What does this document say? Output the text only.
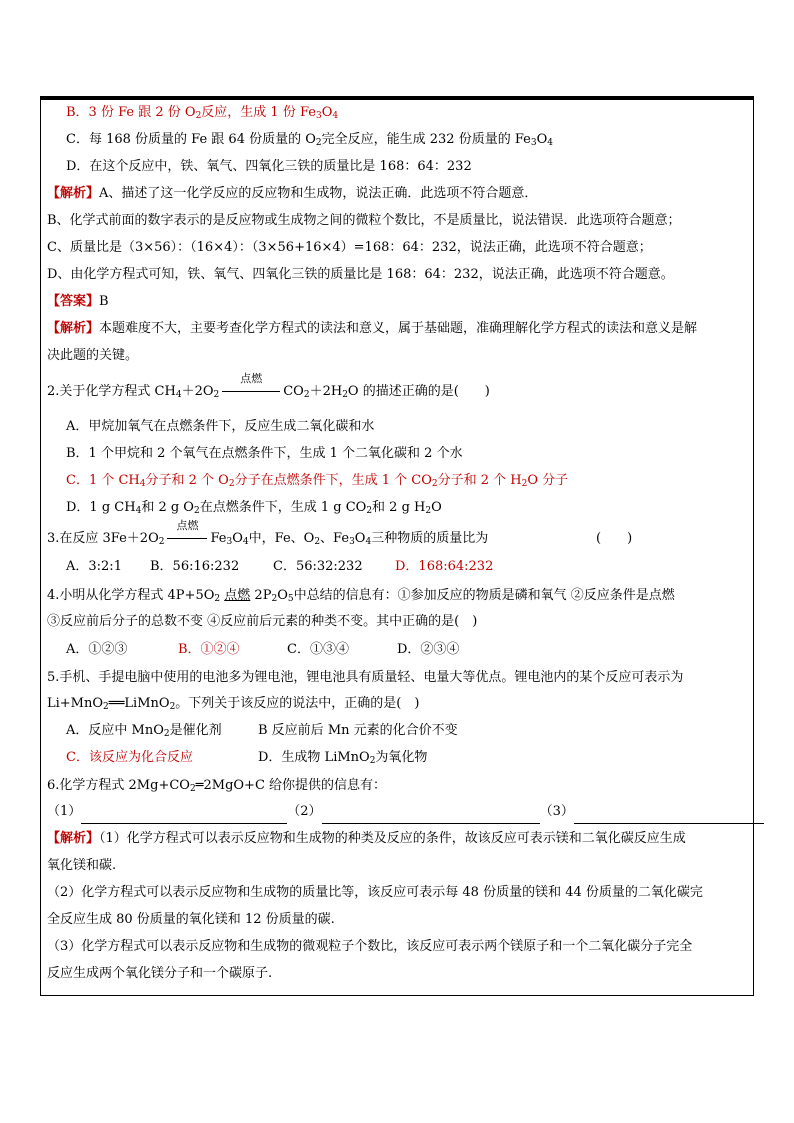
B．3 份 Fe 跟 2 份 $O_2$反应，生成 1 份 $Fe_3O_4$
C．每 168 份质量的 Fe 跟 64 份质量的 $O_2$完全反应，能生成 232 份质量的 $Fe_3O_4$
D．在这个反应中，铁、氧气、四氧化三铁的质量比是 168：64：232
【解析】A、描述了这一化学反应的反应物和生成物，说法正确．此选项不符合题意．
B、化学式前面的数字表示的是反应物或生成物之间的微粒个数比，不是质量比，说法错误．此选项符合题意；
C、质量比是（3×56）：（16×4）：（3×56+16×4）=168：64：232，说法正确，此选项不符合题意；
D、由化学方程式可知，铁、氧气、四氧化三铁的质量比是 168：64：232，说法正确，此选项不符合题意。
【答案】B
【解析】本题难度不大，主要考查化学方程式的读法和意义，属于基础题，准确理解化学方程式的读法和意义是解
决此题的关键。
2.关于化学方程式 $CH_4+2O_2$
点燃
$CO_2+2H_2O$ 的描述正确的是(　　)
A．甲烷加氧气在点燃条件下，反应生成二氧化碳和水
B．1 个甲烷和 2 个氧气在点燃条件下，生成 1 个二氧化碳和 2 个水
C．1 个 $CH_4$分子和 2 个 $O_2$分子在点燃条件下，生成 1 个 $CO_2$分子和 2 个 $H_2O$ 分子
D．1 g $CH_4$和 2 g $O_2$在点燃条件下，生成 1 g $CO_2$和 2 g $H_2O$
3.在反应 $3Fe+2O_2$
点燃
$Fe_3O_4$中，Fe、$O_2$、$Fe_3O_4$三种物质的质量比为	(　　)
A．3:2:1 B．56:16:232	C．56:32:232 D．168:64:232
4.小明从化学方程式 $4P+5O_2$ 点燃 $2P_2O_5$中总结的信息有：①参加反应的物质是磷和氧气 ②反应条件是点燃
③反应前后分子的总数不变 ④反应前后元素的种类不变。其中正确的是(　)
A．①②③	B．①②④	C．①③④	D．②③④
5.手机、手提电脑中使用的电池多为锂电池，锂电池具有质量轻、电量大等优点。锂电池内的某个反应可表示为
Li+MnO$_2$══LiMnO$_2$。下列关于该反应的说法中，正确的是(　)
A．反应中 MnO$_2$是催化剂	B 反应前后 Mn 元素的化合价不变
C．该反应为化合反应	D．生成物 LiMnO$_2$为氧化物
6.化学方程式 $2Mg+CO_2═2MgO+C$ 给你提供的信息有：
（1）	（2）	（3）
【解析】（1）化学方程式可以表示反应物和生成物的种类及反应的条件，故该反应可表示镁和二氧化碳反应生成
氧化镁和碳.
（2）化学方程式可以表示反应物和生成物的质量比等，该反应可表示每 48 份质量的镁和 44 份质量的二氧化碳完
全反应生成 80 份质量的氧化镁和 12 份质量的碳.
（3）化学方程式可以表示反应物和生成物的微观粒子个数比，该反应可表示两个镁原子和一个二氧化碳分子完全
反应生成两个氧化镁分子和一个碳原子.
